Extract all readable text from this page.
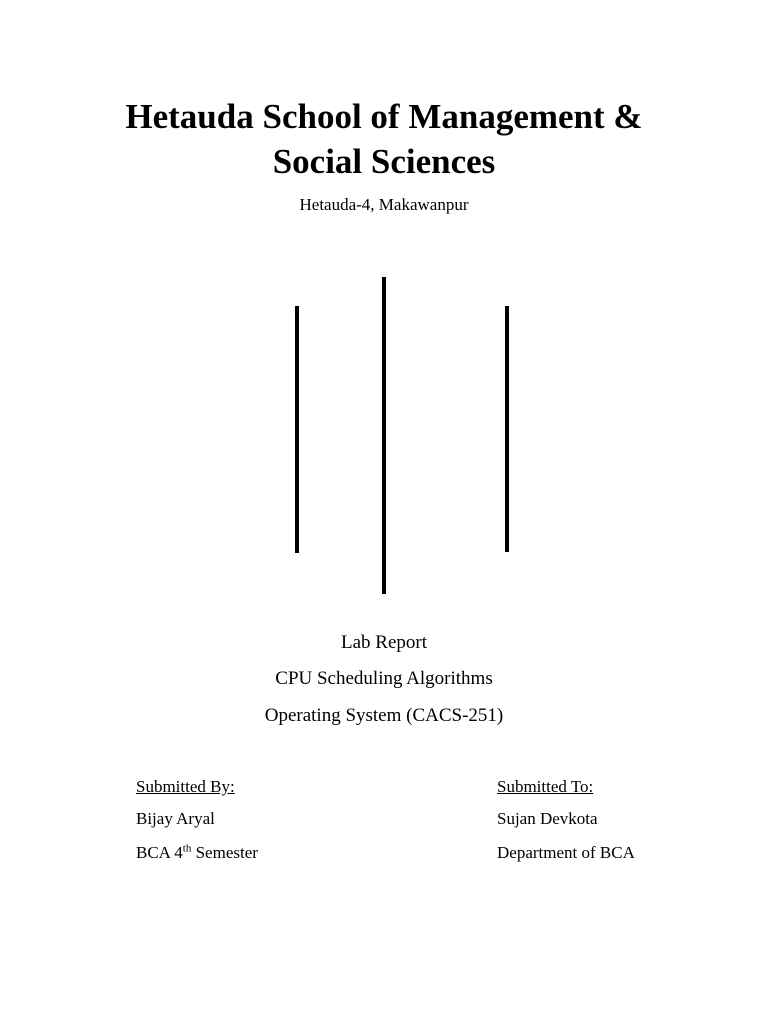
Hetauda School of Management &
Social Sciences
Hetauda-4, Makawanpur
Lab Report
CPU Scheduling Algorithms
Operating System (CACS-251)
Submitted By:
Bijay Aryal
BCA 4th Semester
Submitted To:
Sujan Devkota
Department of BCA
